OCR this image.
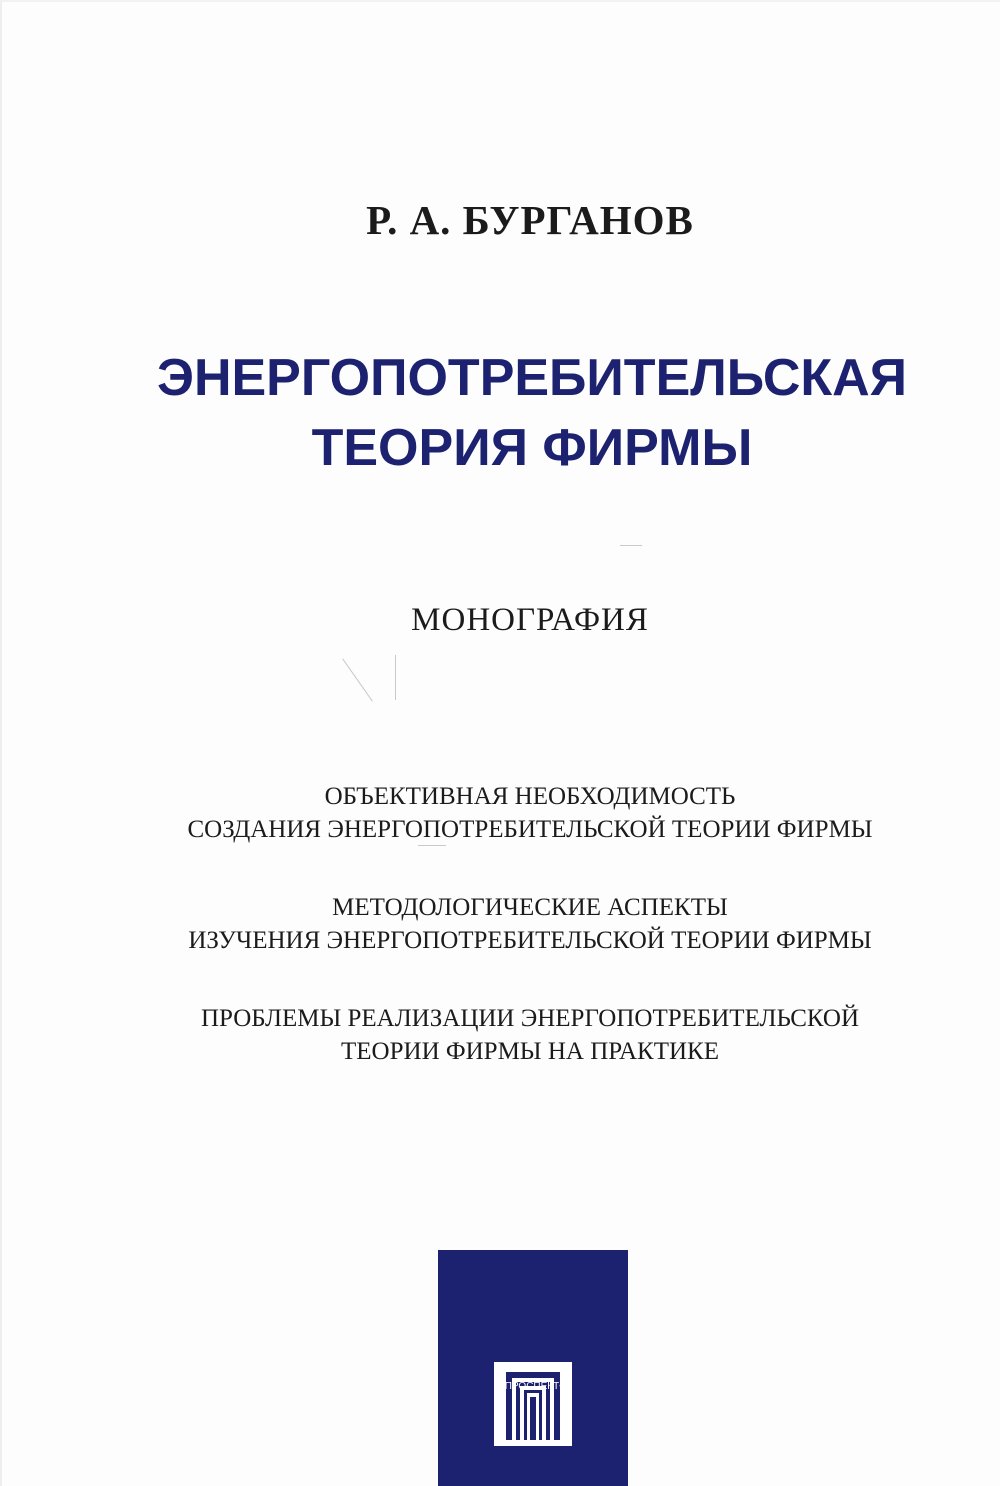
Р. А. БУРГАНОВ

ЭНЕРГОПОТРЕБИТЕЛЬСКАЯ
ТЕОРИЯ ФИРМЫ

МОНОГРАФИЯ

ОБЪЕКТИВНАЯ НЕОБХОДИМОСТЬ
СОЗДАНИЯ ЭНЕРГОПОТРЕБИТЕЛЬСКОЙ ТЕОРИИ ФИРМЫ
МЕТОДОЛОГИЧЕСКИЕ АСПЕКТЫ
ИЗУЧЕНИЯ ЭНЕРГОПОТРЕБИТЕЛЬСКОЙ ТЕОРИИ ФИРМЫ
ПРОБЛЕМЫ РЕАЛИЗАЦИИ ЭНЕРГОПОТРЕБИТЕЛЬСКОЙ
ТЕОРИИ ФИРМЫ НА ПРАКТИКЕ

•ПРОСПЕКТ•
